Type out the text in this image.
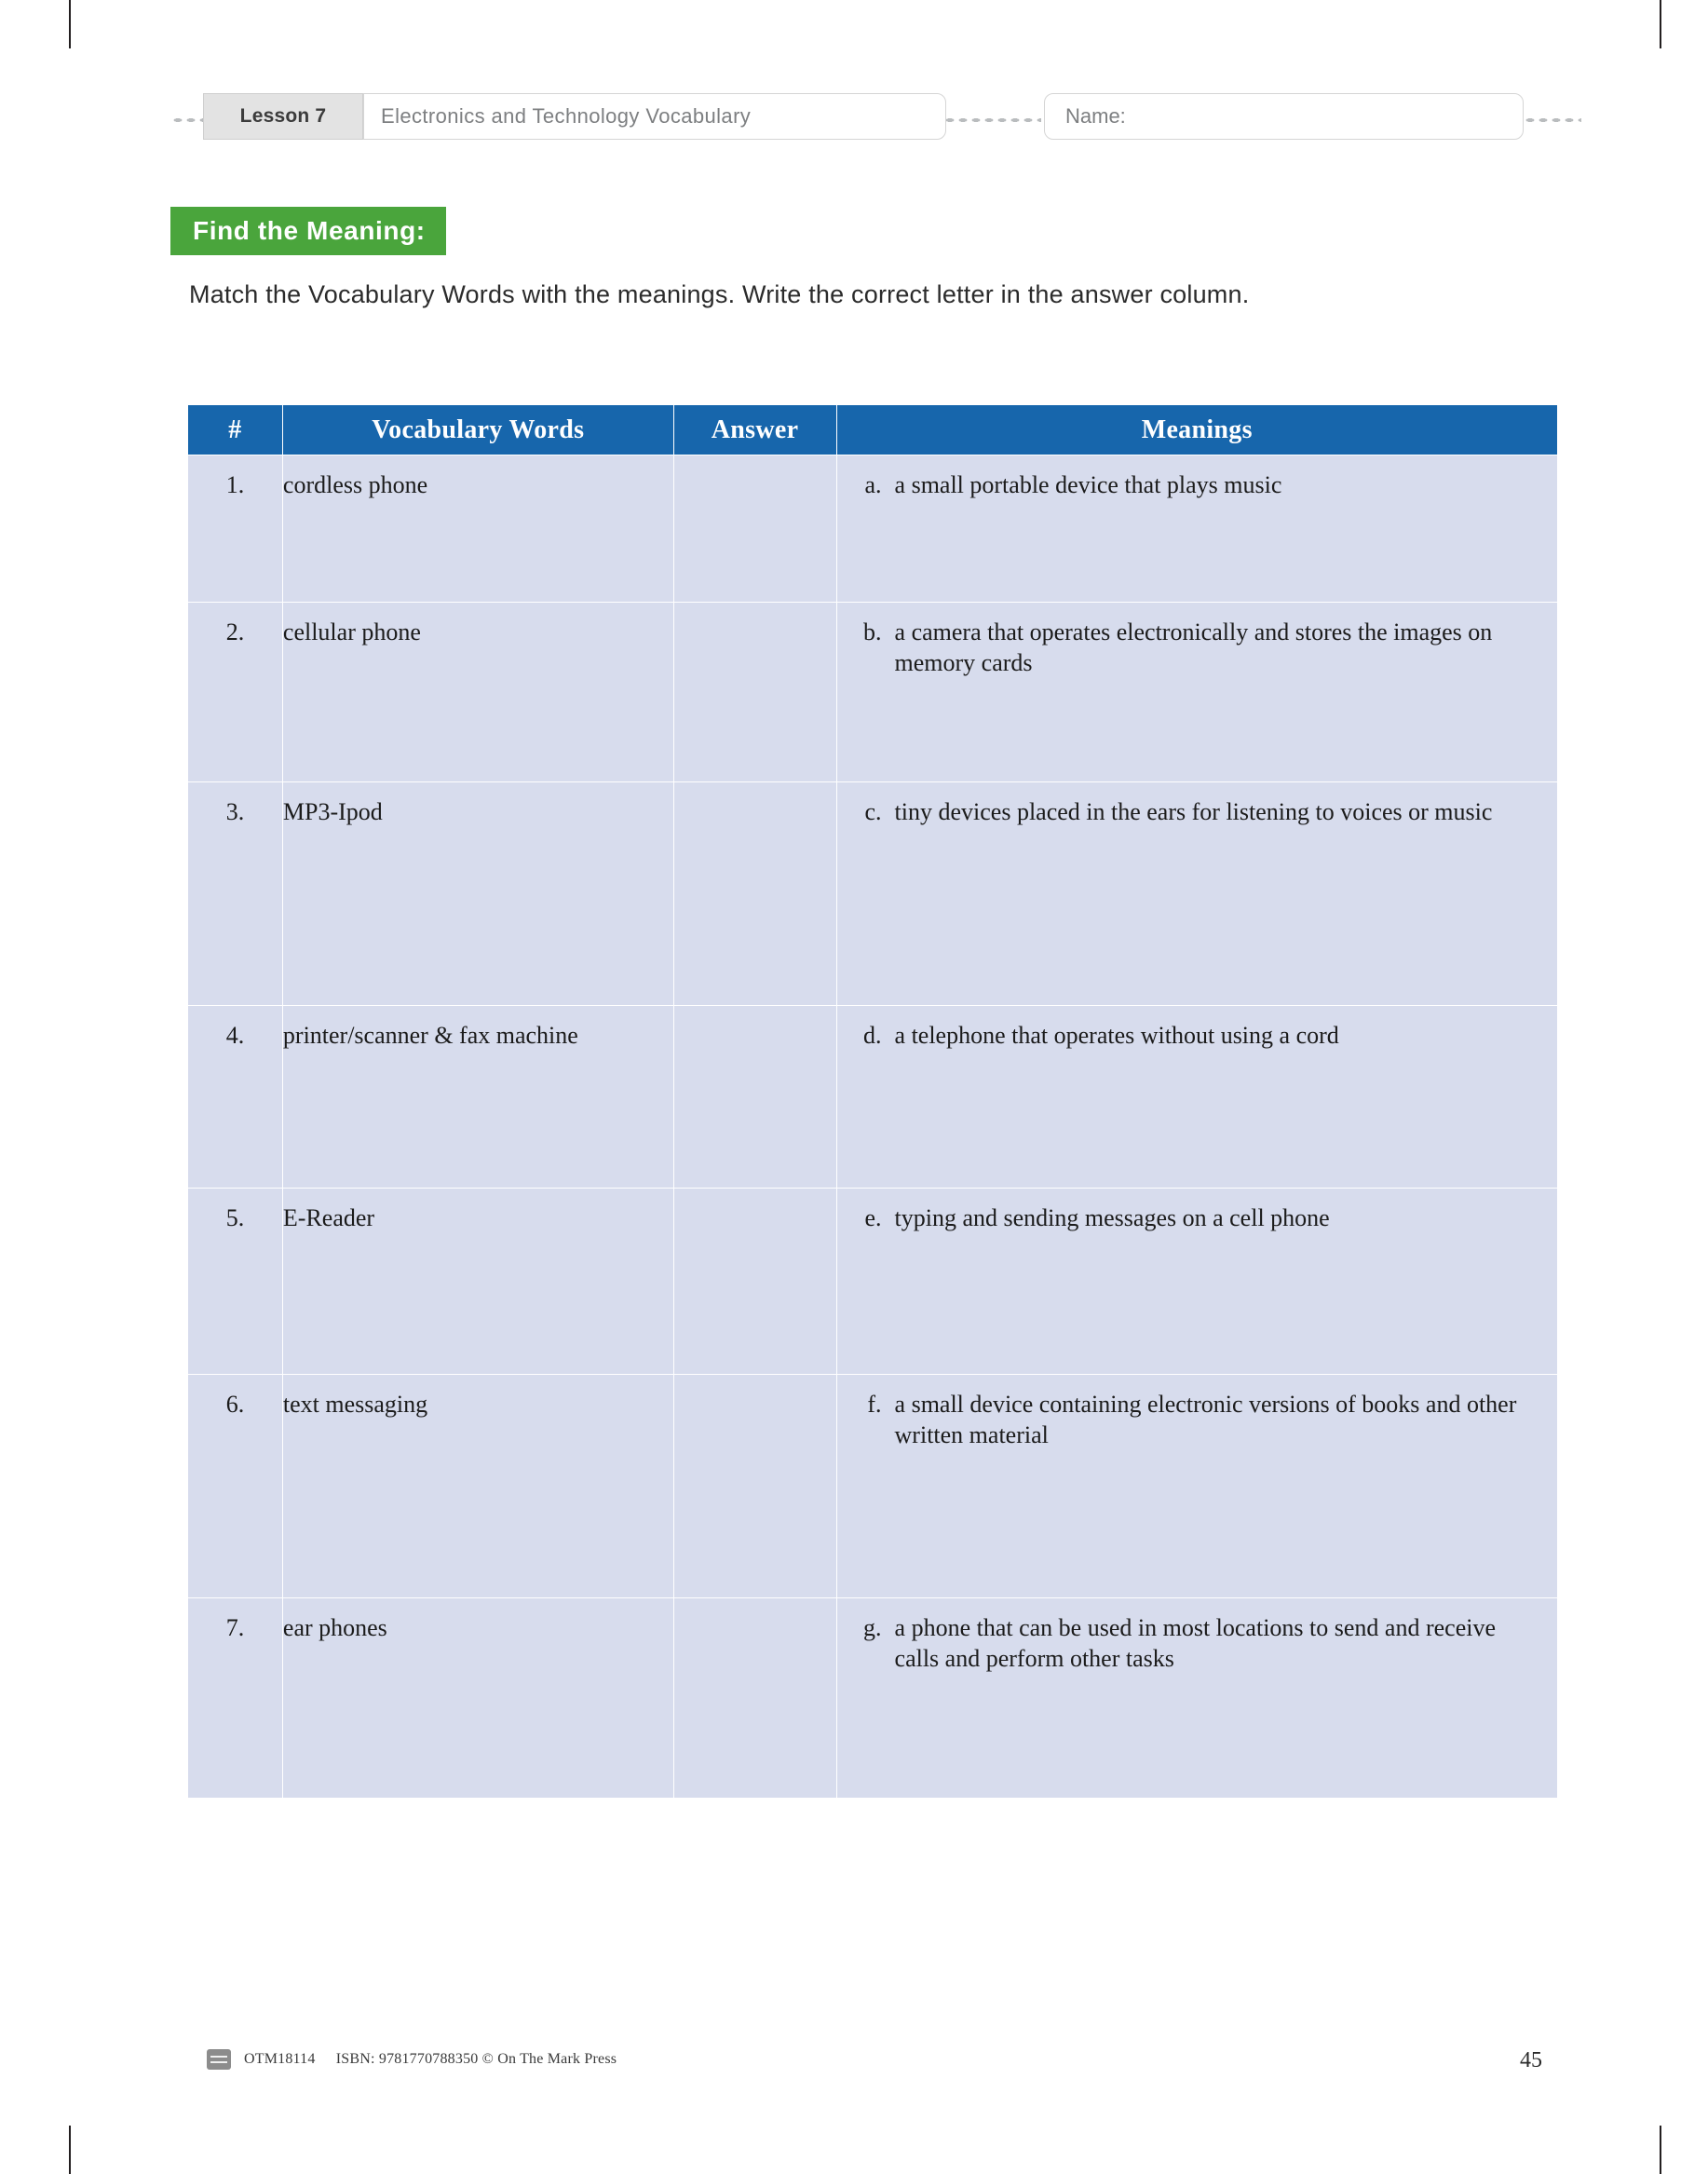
Lesson 7	Electronics and Technology Vocabulary	Name:
Find the Meaning:
Match the Vocabulary Words with the meanings. Write the correct letter in the answer column.
#	Vocabulary Words	Answer	Meanings
1.	cordless phone		a. a small portable device that plays music

2.	cellular phone		b. a camera that operates electronically and stores the images on memory cards

3.	MP3-Ipod		c. tiny devices placed in the ears for listening to voices or music

4.	printer/scanner & fax machine		d. a telephone that operates without using a cord

5.	E-Reader		e. typing and sending messages on a cell phone

6.	text messaging		f. a small device containing electronic versions of books and other written material

7.	ear phones		g. a phone that can be used in most locations to send and receive calls and perform other tasks
OTM18114 ISBN: 9781770788350 © On The Mark Press	45
